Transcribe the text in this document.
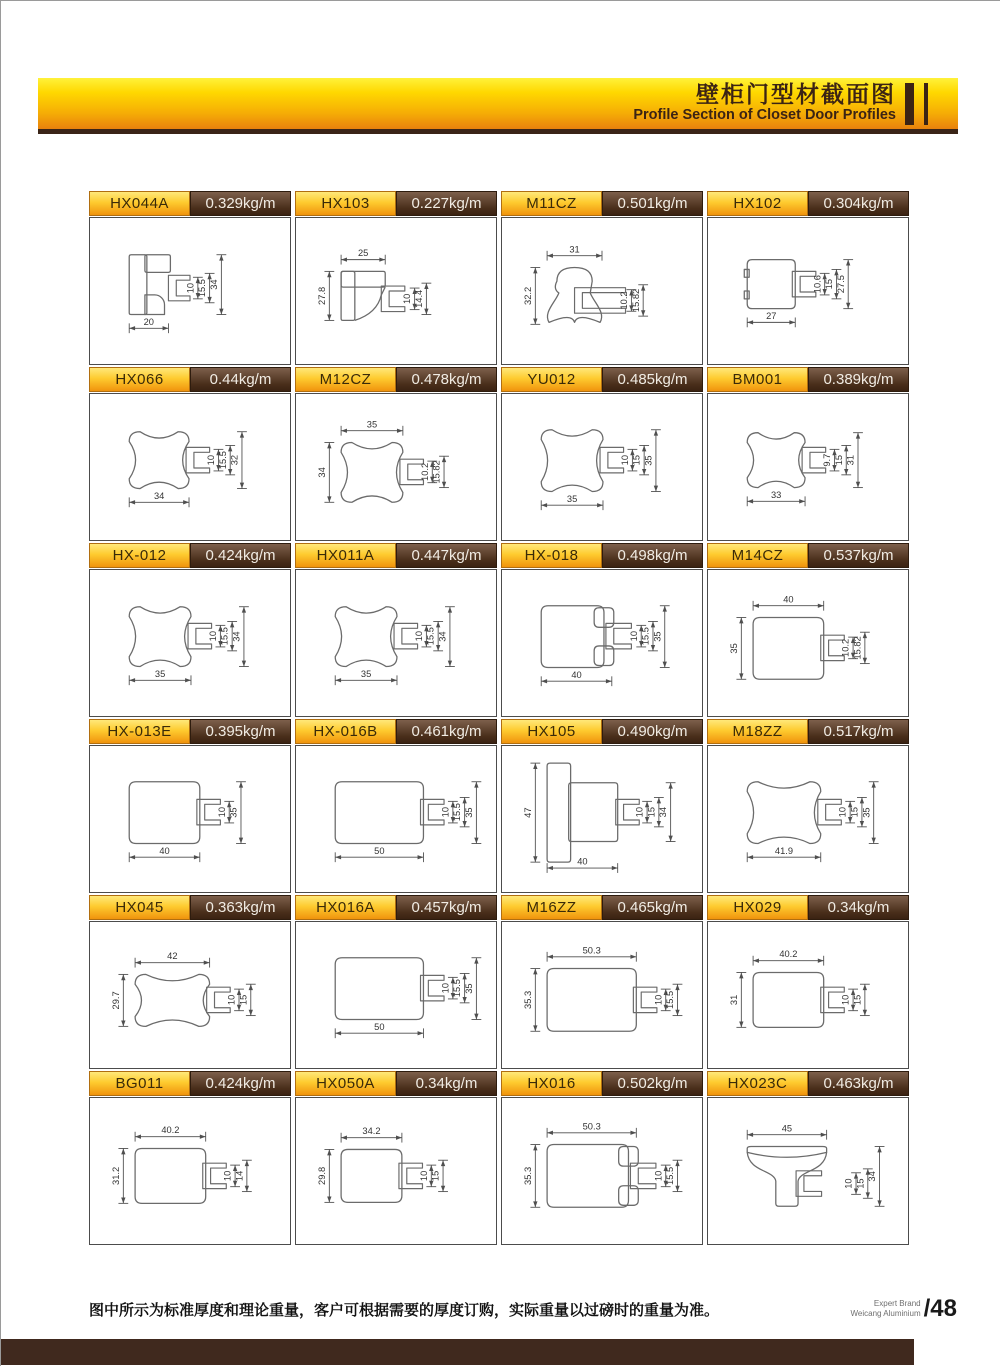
壁柜门型材截面图
Profile Section of Closet Door Profiles
HX044A	0.329kg/m
10 15.5 34
20
HX103	0.227kg/m
10 14.4
27.8
25
M11CZ	0.501kg/m
10.2 15.82
32.2
31
HX102	0.304kg/m
10.6 15 27.5
27
HX066	0.44kg/m
10 15.5 32
34
M12CZ	0.478kg/m
10.2 15.82
34
35
YU012	0.485kg/m
10 15 35
35
BM001	0.389kg/m
9.7 15 31
33
HX-012	0.424kg/m
10 15.5 34
35
HX011A	0.447kg/m
10 15.5 34
35
HX-018	0.498kg/m
10 15.5 35
40
M14CZ	0.537kg/m
10.2 15.82
35
40
HX-013E	0.395kg/m
10 35
40
HX-016B	0.461kg/m
10 15.5 35
50
HX105	0.490kg/m
10 15 34
47
40
M18ZZ	0.517kg/m
10 15 35
41.9
HX045	0.363kg/m
10 15
29.7
42
HX016A	0.457kg/m
10 15.5 35
50
M16ZZ	0.465kg/m
10 15.5
35.3
50.3
HX029	0.34kg/m
10 15
31
40.2
BG011	0.424kg/m
10 14
31.2
40.2
HX050A	0.34kg/m
10 15
29.8
34.2
HX016	0.502kg/m
10 15.5
35.3
50.3
HX023C	0.463kg/m
10 15
34
45
图中所示为标准厚度和理论重量，客户可根据需要的厚度订购，实际重量以过磅时的重量为准。	Expert Brand
Weicang Aluminium /48
